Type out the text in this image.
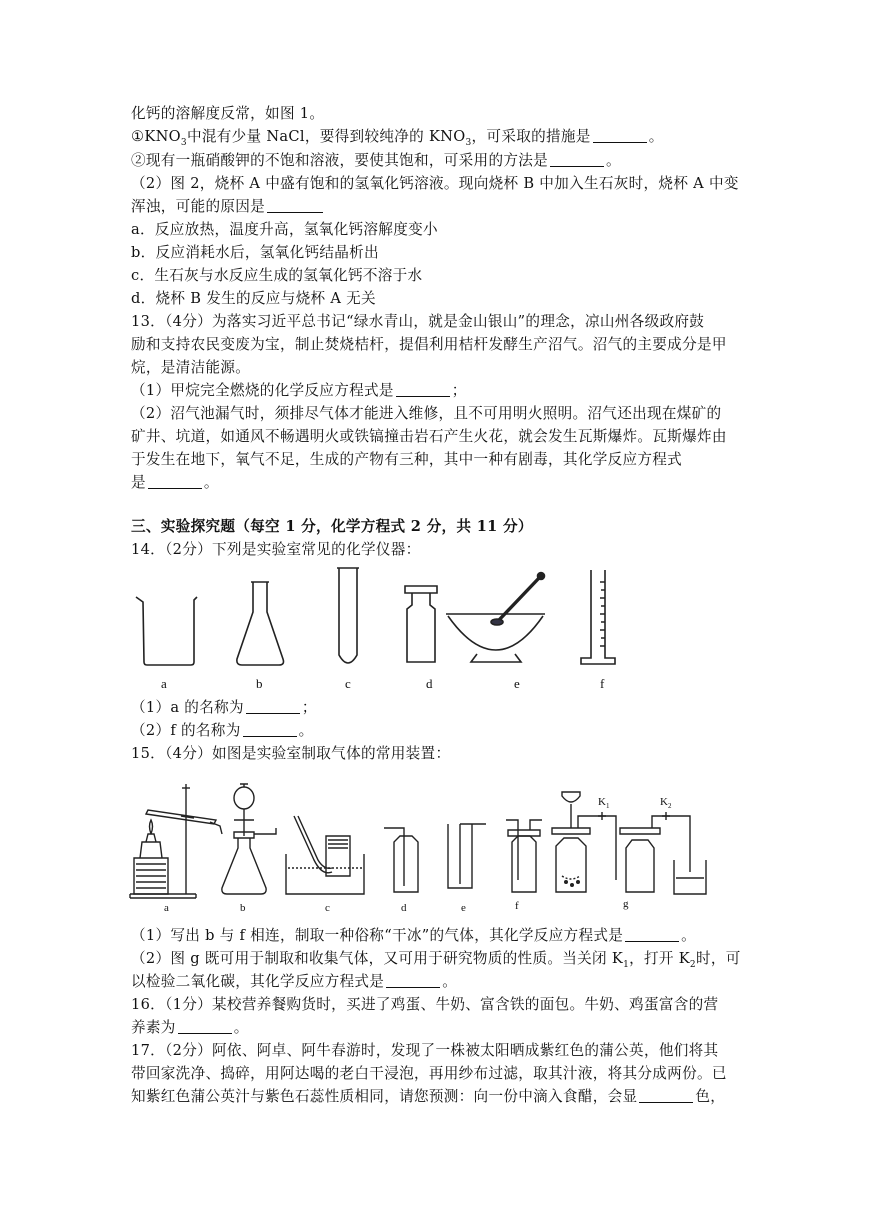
化钙的溶解度反常，如图 1。
$①KNO_3$中混有少量 NaCl，要得到较纯净的 $KNO_3$，可采取的措施是	。
②现有一瓶硝酸钾的不饱和溶液，要使其饱和，可采用的方法是	。
（2）图 2，烧杯 A 中盛有饱和的氢氧化钙溶液。现向烧杯 B 中加入生石灰时，烧杯 A 中变
浑浊，可能的原因是
a．反应放热，温度升高，氢氧化钙溶解度变小
b．反应消耗水后，氢氧化钙结晶析出
c．生石灰与水反应生成的氢氧化钙不溶于水
d．烧杯 B 发生的反应与烧杯 A 无关
13．（4分）为落实习近平总书记“绿水青山，就是金山银山”的理念，凉山州各级政府鼓
励和支持农民变废为宝，制止焚烧桔杆，提倡利用桔杆发酵生产沼气。沼气的主要成分是甲
烷，是清洁能源。
（1）甲烷完全燃烧的化学反应方程式是	；
（2）沼气池漏气时，须排尽气体才能进入维修，且不可用明火照明。沼气还出现在煤矿的
矿井、坑道，如通风不畅遇明火或铁镐撞击岩石产生火花，就会发生瓦斯爆炸。瓦斯爆炸由
于发生在地下，氧气不足，生成的产物有三种，其中一种有剧毒，其化学反应方程式
是	。
三、实验探究题（每空 1 分，化学方程式 2 分，共 11 分）
14．（2分）下列是实验室常见的化学仪器：
a	b	c	d	e	f
（1）a 的名称为	；
（2）f 的名称为	。
15．（4分）如图是实验室制取气体的常用装置：
a	b	c	d	e	f	g
$K_1$	$K_2$
（1）写出 b 与 f 相连，制取一种俗称“干冰”的气体，其化学反应方程式是	。
（2）图 g 既可用于制取和收集气体，又可用于研究物质的性质。当关闭 $K_1$，打开 $K_2$时，可
以检验二氧化碳，其化学反应方程式是	。
16．（1分）某校营养餐购货时，买进了鸡蛋、牛奶、富含铁的面包。牛奶、鸡蛋富含的营
养素为	。
17．（2分）阿依、阿卓、阿牛春游时，发现了一株被太阳晒成紫红色的蒲公英，他们将其
带回家洗净、捣碎，用阿达喝的老白干浸泡，再用纱布过滤，取其汁液，将其分成两份。已
知紫红色蒲公英汁与紫色石蕊性质相同，请您预测：向一份中滴入食醋，会显	色，
